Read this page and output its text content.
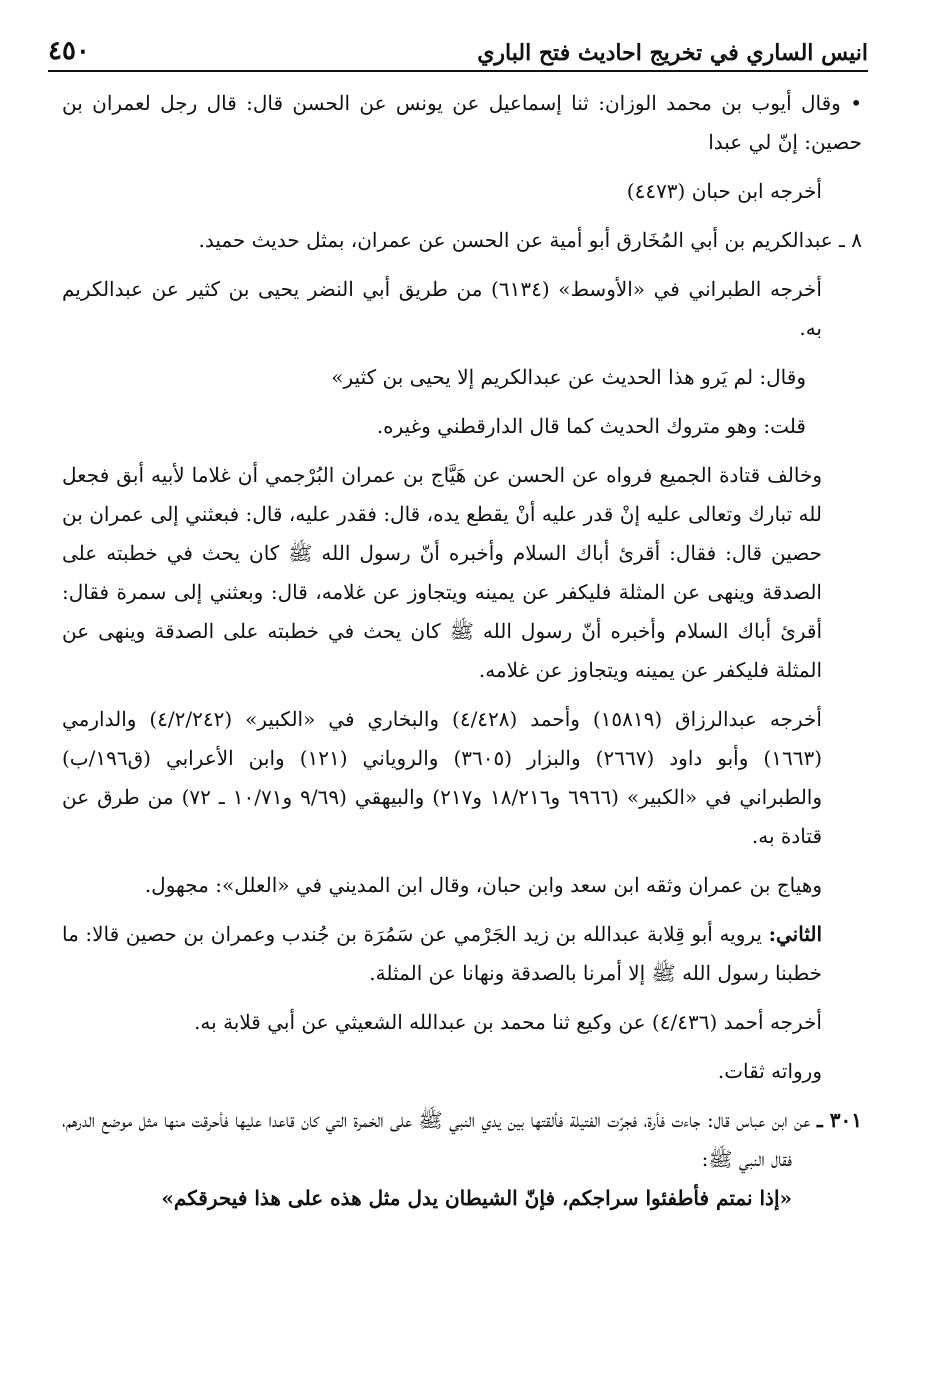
انيس الساري في تخريج احاديث فتح الباري
٤٥٠

• وقال أيوب بن محمد الوزان: ثنا إسماعيل عن يونس عن الحسن قال: قال رجل لعمران بن حصين: إنّ لي عبدا

أخرجه ابن حبان (٤٤٧٣)

٨ ـ عبدالكريم بن أبي المُخَارق أبو أمية عن الحسن عن عمران، بمثل حديث حميد.

أخرجه الطبراني في «الأوسط» (٦١٣٤) من طريق أبي النضر يحيى بن كثير عن عبدالكريم به.

وقال: لم يَرو هذا الحديث عن عبدالكريم إلا يحيى بن كثير»

قلت: وهو متروك الحديث كما قال الدارقطني وغيره.

وخالف قتادة الجميع فرواه عن الحسن عن هَيَّاج بن عمران البُرْجمي أن غلاما لأبيه أبق فجعل لله تبارك وتعالى عليه إنْ قدر عليه أنْ يقطع يده، قال: فقدر عليه، قال: فبعثني إلى عمران بن حصين قال: فقال: أقرئ أباك السلام وأخبره أنّ رسول الله ﷺ كان يحث في خطبته على الصدقة وينهى عن المثلة فليكفر عن يمينه ويتجاوز عن غلامه، قال: وبعثني إلى سمرة فقال: أقرئ أباك السلام وأخبره أنّ رسول الله ﷺ كان يحث في خطبته على الصدقة وينهى عن المثلة فليكفر عن يمينه ويتجاوز عن غلامه.

أخرجه عبدالرزاق (١٥٨١٩) وأحمد (٤/٤٢٨) والبخاري في «الكبير» (٤/٢/٢٤٢) والدارمي (١٦٦٣) وأبو داود (٢٦٦٧) والبزار (٣٦٠٥) والروياني (١٢١) وابن الأعرابي (ق١٩٦/ب) والطبراني في «الكبير» (٦٩٦٦ و١٨/٢١٦ و٢١٧) والبيهقي (٩/٦٩ و١٠/٧١ ـ ٧٢) من طرق عن قتادة به.

وهياج بن عمران وثقه ابن سعد وابن حبان، وقال ابن المديني في «العلل»: مجهول.

الثاني: يرويه أبو قِلابة عبدالله بن زيد الجَرْمي عن سَمُرَة بن جُندب وعمران بن حصين قالا: ما خطبنا رسول الله ﷺ إلا أمرنا بالصدقة ونهانا عن المثلة.

أخرجه أحمد (٤/٤٣٦) عن وكيع ثنا محمد بن عبدالله الشعيثي عن أبي قلابة به.

ورواته ثقات.

٣٠١ ـ عن ابن عباس قال: جاءت فأرة، فجرّت الفتيلة فألقتها بين يدي النبي ﷺ على الخمرة التي كان قاعدا عليها فأحرقت منها مثل موضع الدرهم، فقال النبي ﷺ:
«إذا نمتم فأطفئوا سراجكم، فإنّ الشيطان يدل مثل هذه على هذا فيحرقكم»
